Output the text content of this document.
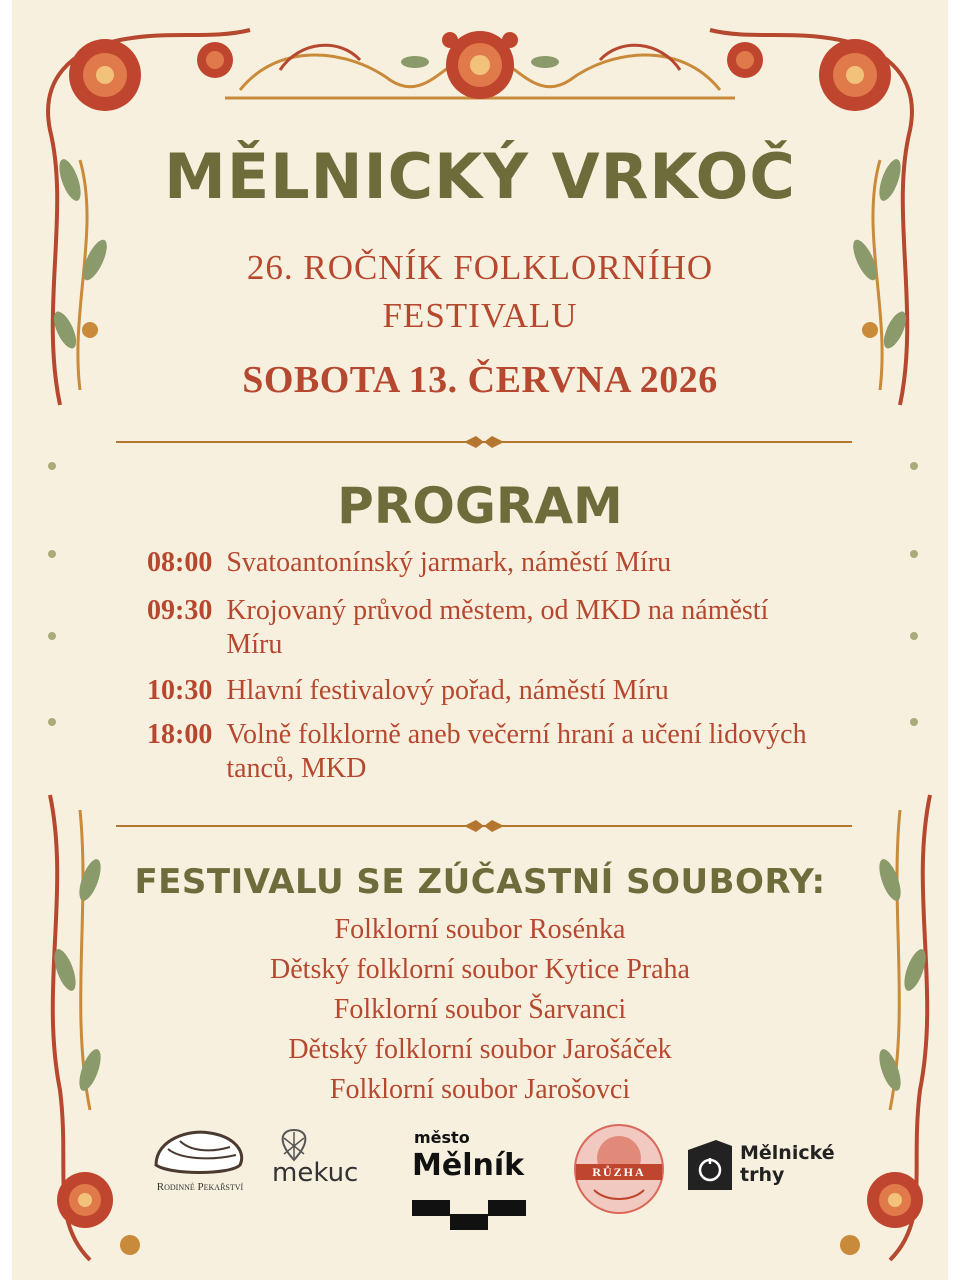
MĚLNICKÝ VRKOČ
26. ROČNÍK FOLKLORNÍHO
FESTIVALU
SOBOTA 13. ČERVNA 2026
PROGRAM
08:00 Svatoantonínský jarmark, náměstí Míru
09:30 Krojovaný průvod městem, od MKD na náměstí Míru
10:30 Hlavní festivalový pořad, náměstí Míru
18:00 Volně folklorně aneb večerní hraní a učení lidových tanců, MKD
FESTIVALU SE ZÚČASTNÍ SOUBORY:
Folklorní soubor Rosénka
Dětský folklorní soubor Kytice Praha
Folklorní soubor Šarvanci
Dětský folklorní soubor Jarošáček
Folklorní soubor Jarošovci
Rodinné Pekařství	mekuc
město
Mělník	RŮZHA
Mělnické
trhy
